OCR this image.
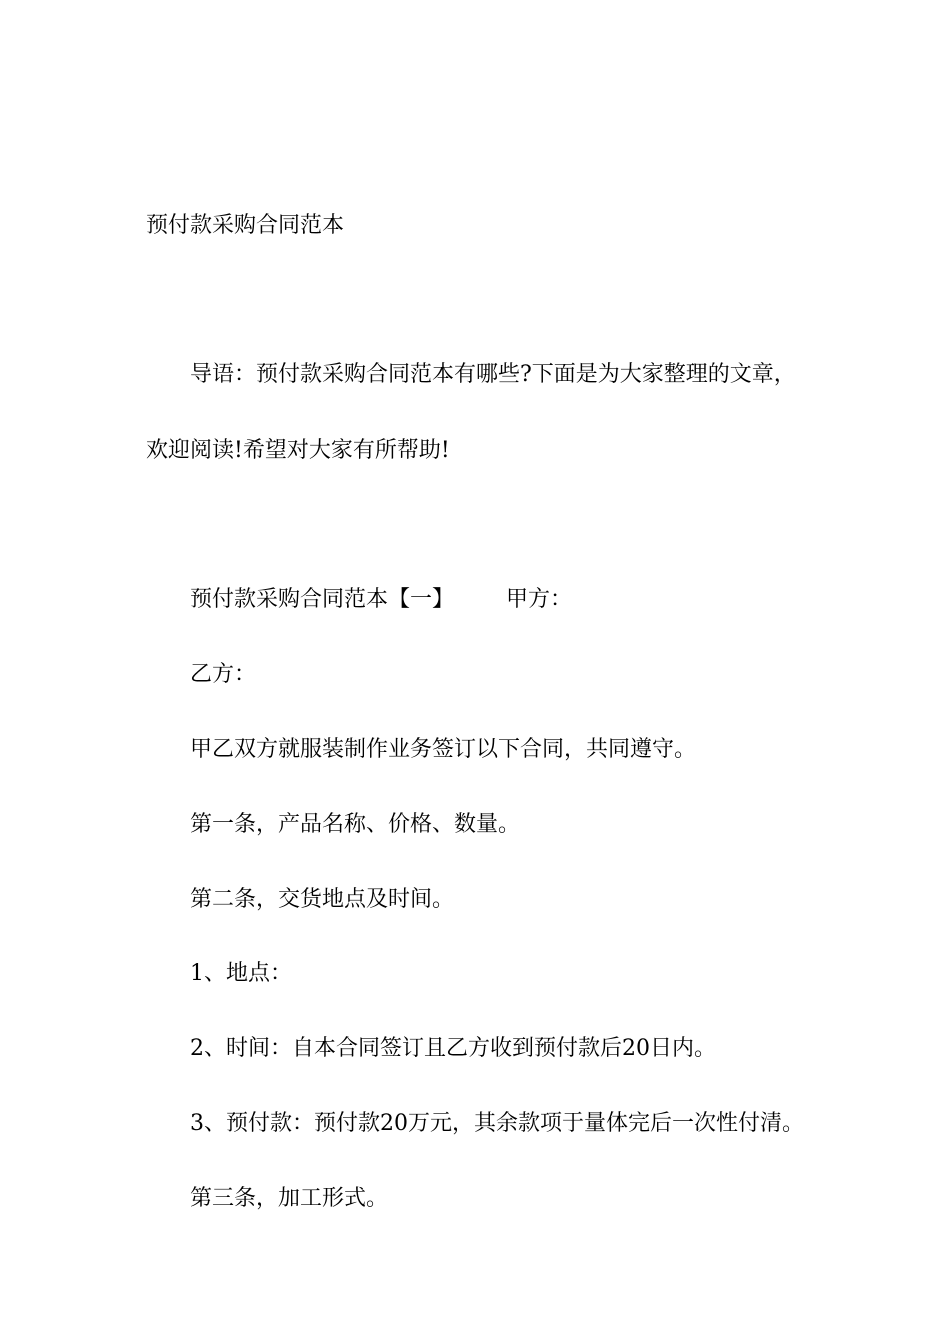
预付款采购合同范本

导语：预付款采购合同范本有哪些?下面是为大家整理的文章，

欢迎阅读!希望对大家有所帮助!

预付款采购合同范本【一】 甲方：

乙方：

甲乙双方就服装制作业务签订以下合同，共同遵守。

第一条，产品名称、价格、数量。

第二条，交货地点及时间。

1、地点：

2、时间：自本合同签订且乙方收到预付款后20日内。

3、预付款：预付款20万元，其余款项于量体完后一次性付清。

第三条，加工形式。
